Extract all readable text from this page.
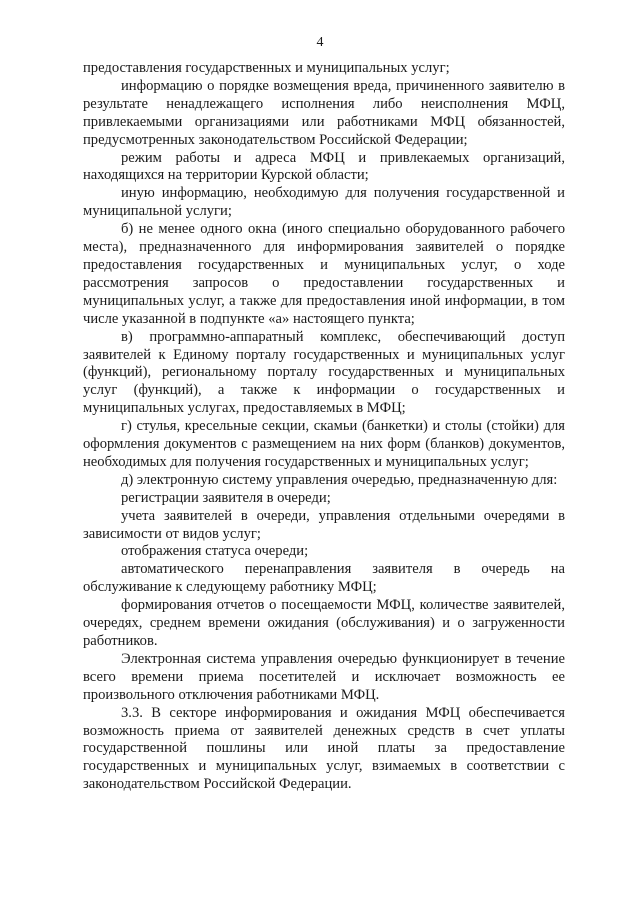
4

предоставления государственных и муниципальных услуг;

информацию о порядке возмещения вреда, причиненного заявителю в результате ненадлежащего исполнения либо неисполнения МФЦ, привлекаемыми организациями или работниками МФЦ обязанностей, предусмотренных законодательством Российской Федерации;

режим работы и адреса МФЦ и привлекаемых организаций, находящихся на территории Курской области;

иную информацию, необходимую для получения государственной и муниципальной услуги;

б) не менее одного окна (иного специально оборудованного рабочего места), предназначенного для информирования заявителей о порядке предоставления государственных и муниципальных услуг, о ходе рассмотрения запросов о предоставлении государственных и муниципальных услуг, а также для предоставления иной информации, в том числе указанной в подпункте «а» настоящего пункта;

в) программно-аппаратный комплекс, обеспечивающий доступ заявителей к Единому порталу государственных и муниципальных услуг (функций), региональному порталу государственных и муниципальных услуг (функций), а также к информации о государственных и муниципальных услугах, предоставляемых в МФЦ;

г) стулья, кресельные секции, скамьи (банкетки) и столы (стойки) для оформления документов с размещением на них форм (бланков) документов, необходимых для получения государственных и муниципальных услуг;

д) электронную систему управления очередью, предназначенную для:

регистрации заявителя в очереди;

учета заявителей в очереди, управления отдельными очередями в зависимости от видов услуг;

отображения статуса очереди;

автоматического перенаправления заявителя в очередь на обслуживание к следующему работнику МФЦ;

формирования отчетов о посещаемости МФЦ, количестве заявителей, очередях, среднем времени ожидания (обслуживания) и о загруженности работников.

Электронная система управления очередью функционирует в течение всего времени приема посетителей и исключает возможность ее произвольного отключения работниками МФЦ.

3.3. В секторе информирования и ожидания МФЦ обеспечивается возможность приема от заявителей денежных средств в счет уплаты государственной пошлины или иной платы за предоставление государственных и муниципальных услуг, взимаемых в соответствии с законодательством Российской Федерации.
